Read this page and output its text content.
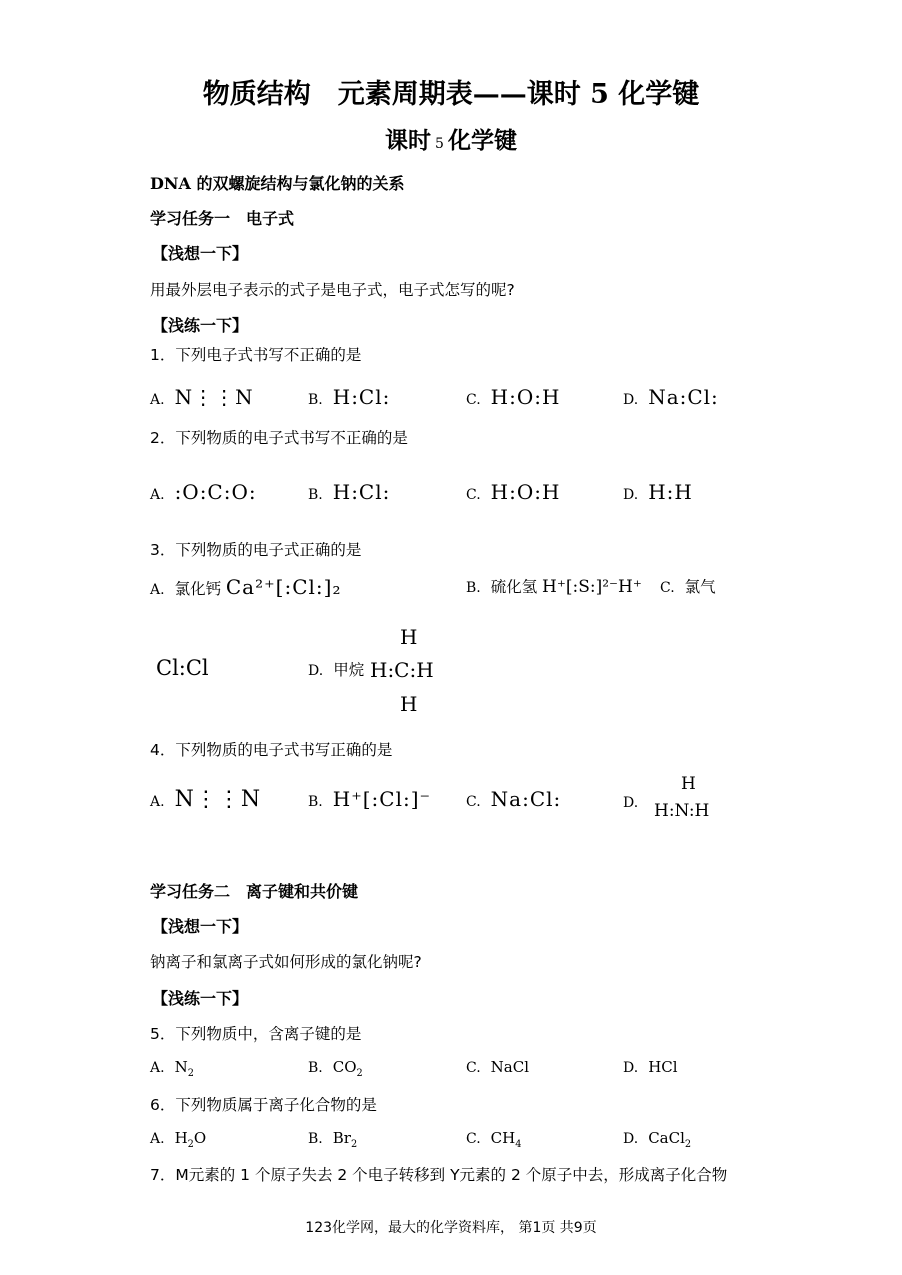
物质结构　元素周期表——课时 5 化学键
课时 5 化学键
DNA 的双螺旋结构与氯化钠的关系
学习任务一　电子式
【浅想一下】
用最外层电子表示的式子是电子式，电子式怎写的呢?
【浅练一下】
1．下列电子式书写不正确的是
A. N⋮⋮N	B. H:Cl:	C. H:O:H	D. Na:Cl:
2．下列物质的电子式书写不正确的是
A. :O:C:O:	B. H:Cl:	C. H:O:H	D. H:H
3．下列物质的电子式正确的是
A. 氯化钙 Ca²⁺[:Cl:]₂	B. 硫化氢 H⁺[:S:]²⁻H⁺ C. 氯气
Cl:Cl	D. 甲烷
H
H:C:H
H
4．下列物质的电子式书写正确的是
A. N⋮⋮N	B. H⁺[:Cl:]⁻ C. Na:Cl:	D.
H
H:N:H
学习任务二　离子键和共价键
【浅想一下】
钠离子和氯离子式如何形成的氯化钠呢?
【浅练一下】
5．下列物质中，含离子键的是
A. $N_2$	B. $CO_2$	C. NaCl	D. HCl
6．下列物质属于离子化合物的是
A. $H_2O$	B. $Br_2$	C. $CH_4$	D. CaCl$_2$
7．M元素的 1 个原子失去 2 个电子转移到 Y元素的 2 个原子中去，形成离子化合物
123化学网，最大的化学资料库， 第1页 共9页
